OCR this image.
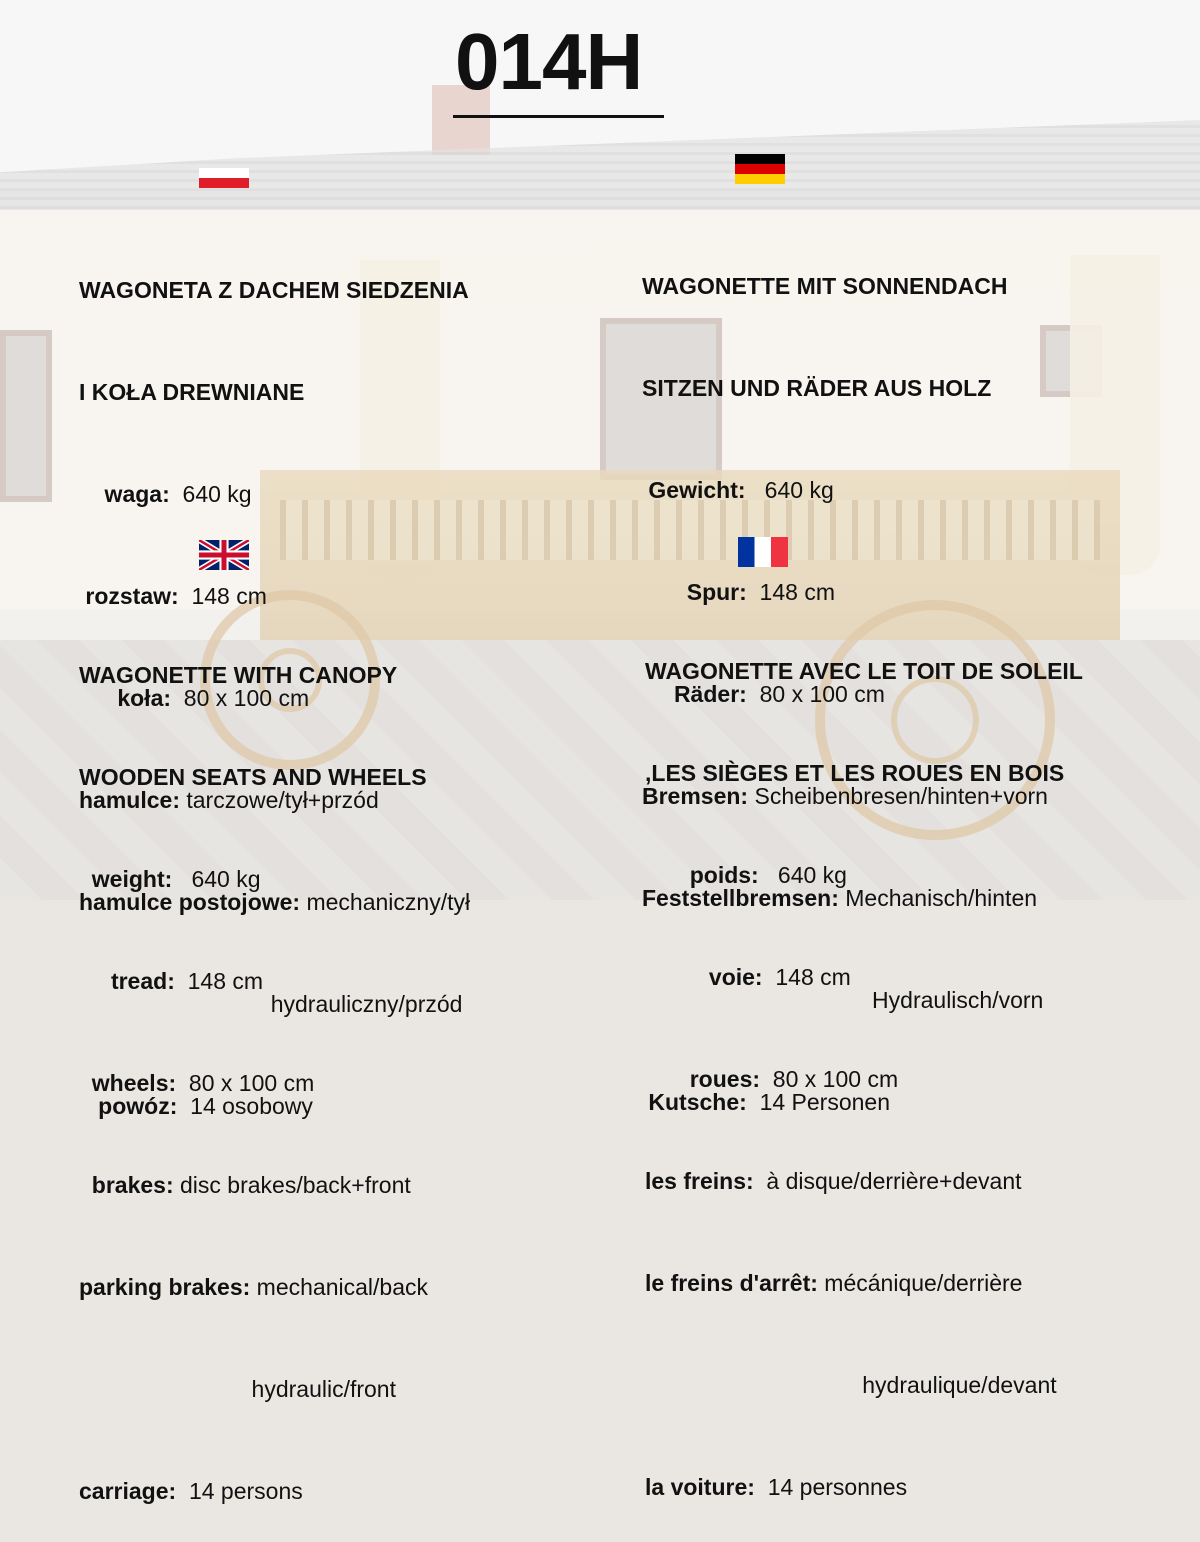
014H

WAGONETA Z DACHEM SIEDZENIA

I KOŁA DREWNIANE

waga:  640 kg

rozstaw:  148 cm

koła:  80 x 100 cm

hamulce: tarczowe/tył+przód

hamulce postojowe: mechaniczny/tył

hydrauliczny/przód

powóz:  14 osobowy

WAGONETTE MIT SONNENDACH

SITZEN UND RÄDER AUS HOLZ

Gewicht:   640 kg

Spur:  148 cm

Räder:  80 x 100 cm

Bremsen: Scheibenbresen/hinten+vorn

Feststellbremsen: Mechanisch/hinten

Hydraulisch/vorn

Kutsche:  14 Personen

WAGONETTE WITH CANOPY

WOODEN SEATS AND WHEELS

weight:   640 kg

tread:  148 cm

wheels:  80 x 100 cm

brakes: disc brakes/back+front

parking brakes: mechanical/back

hydraulic/front

carriage:  14 persons

WAGONETTE AVEC LE TOIT DE SOLEIL

,LES SIÈGES ET LES ROUES EN BOIS

poids:   640 kg

voie:  148 cm

roues:  80 x 100 cm

les freins:  à disque/derrière+devant

le freins d'arrêt: mécánique/derrière

hydraulique/devant

la voiture:  14 personnes
